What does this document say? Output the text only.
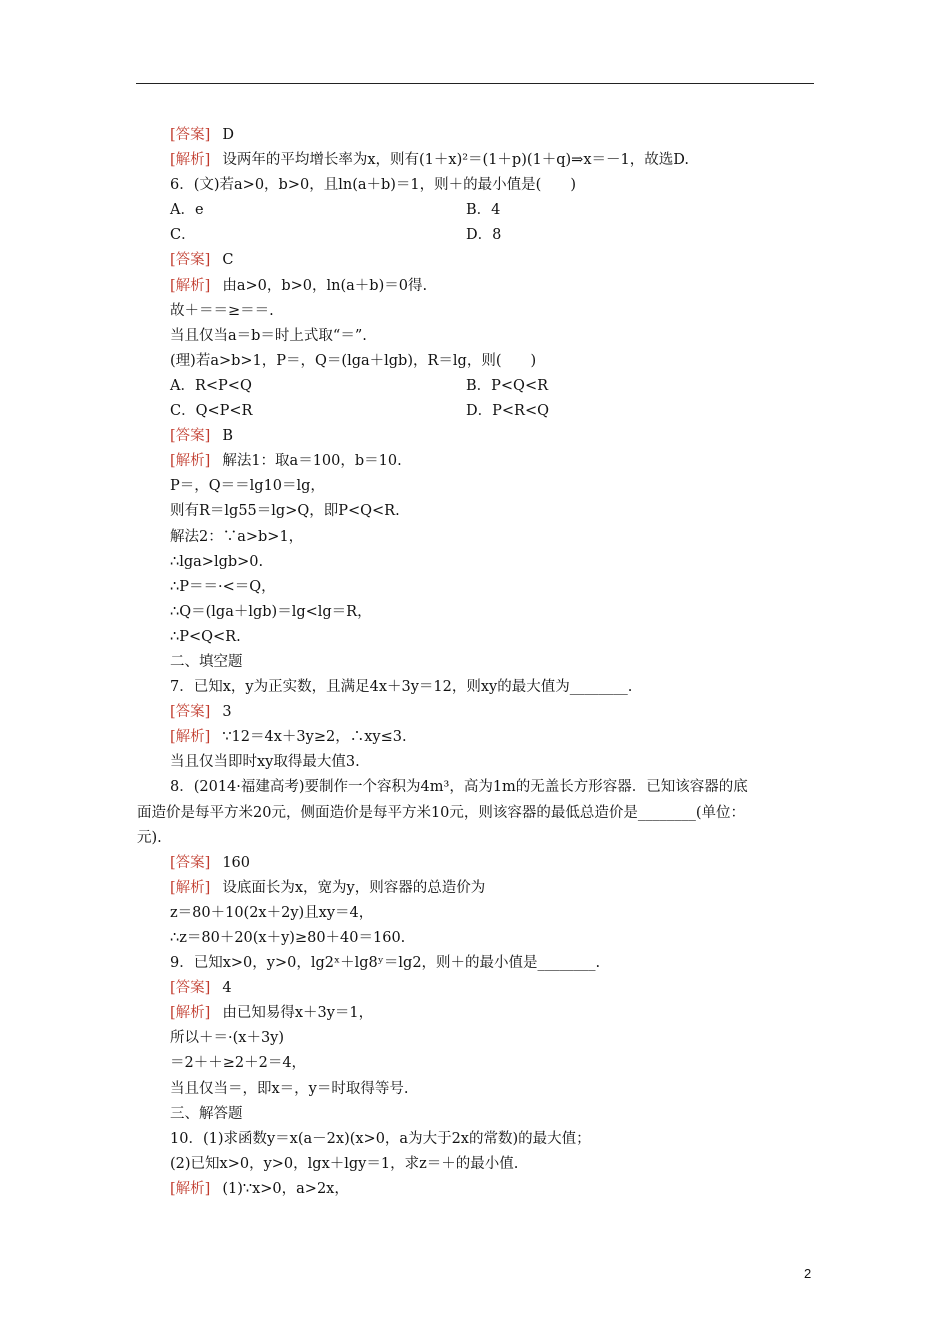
[答案] D
[解析] 设两年的平均增长率为x，则有(1＋x)²＝(1＋p)(1＋q)⇒x＝－1，故选D.
6．(文)若a>0，b>0，且ln(a＋b)＝1，则＋的最小值是(　　)
A．e	B．4
C．	D．8
[答案] C
[解析] 由a>0，b>0，ln(a＋b)＝0得.
故＋＝＝≥＝＝.
当且仅当a＝b＝时上式取“＝”.
(理)若a>b>1，P＝，Q＝(lga＋lgb)，R＝lg，则(　　)
A．R<P<Q	B．P<Q<R
C．Q<P<R	D．P<R<Q
[答案] B
[解析] 解法1：取a＝100，b＝10.
P＝，Q＝＝lg10＝lg，
则有R＝lg55＝lg>Q，即P<Q<R.
解法2：∵a>b>1，
∴lga>lgb>0.
∴P＝＝·<＝Q，
∴Q＝(lga＋lgb)＝lg<lg＝R，
∴P<Q<R.
二、填空题
7．已知x，y为正实数，且满足4x＋3y＝12，则xy的最大值为________.
[答案] 3
[解析] ∵12＝4x＋3y≥2，∴xy≤3.
当且仅当即时xy取得最大值3.
8．(2014·福建高考)要制作一个容积为4m³，高为1m的无盖长方形容器．已知该容器的底
面造价是每平方米20元，侧面造价是每平方米10元，则该容器的最低总造价是________(单位：
元).
[答案] 160
[解析] 设底面长为x，宽为y，则容器的总造价为
z＝80＋10(2x＋2y)且xy＝4，
∴z＝80＋20(x＋y)≥80＋40＝160.
9．已知x>0，y>0，lg2ˣ＋lg8ʸ＝lg2，则＋的最小值是________.
[答案] 4
[解析] 由已知易得x＋3y＝1，
所以＋＝·(x＋3y)
＝2＋＋≥2＋2＝4，
当且仅当＝，即x＝，y＝时取得等号.
三、解答题
10．(1)求函数y＝x(a－2x)(x>0，a为大于2x的常数)的最大值；
(2)已知x>0，y>0，lgx＋lgy＝1，求z＝＋的最小值.
[解析] (1)∵x>0，a>2x，
2
